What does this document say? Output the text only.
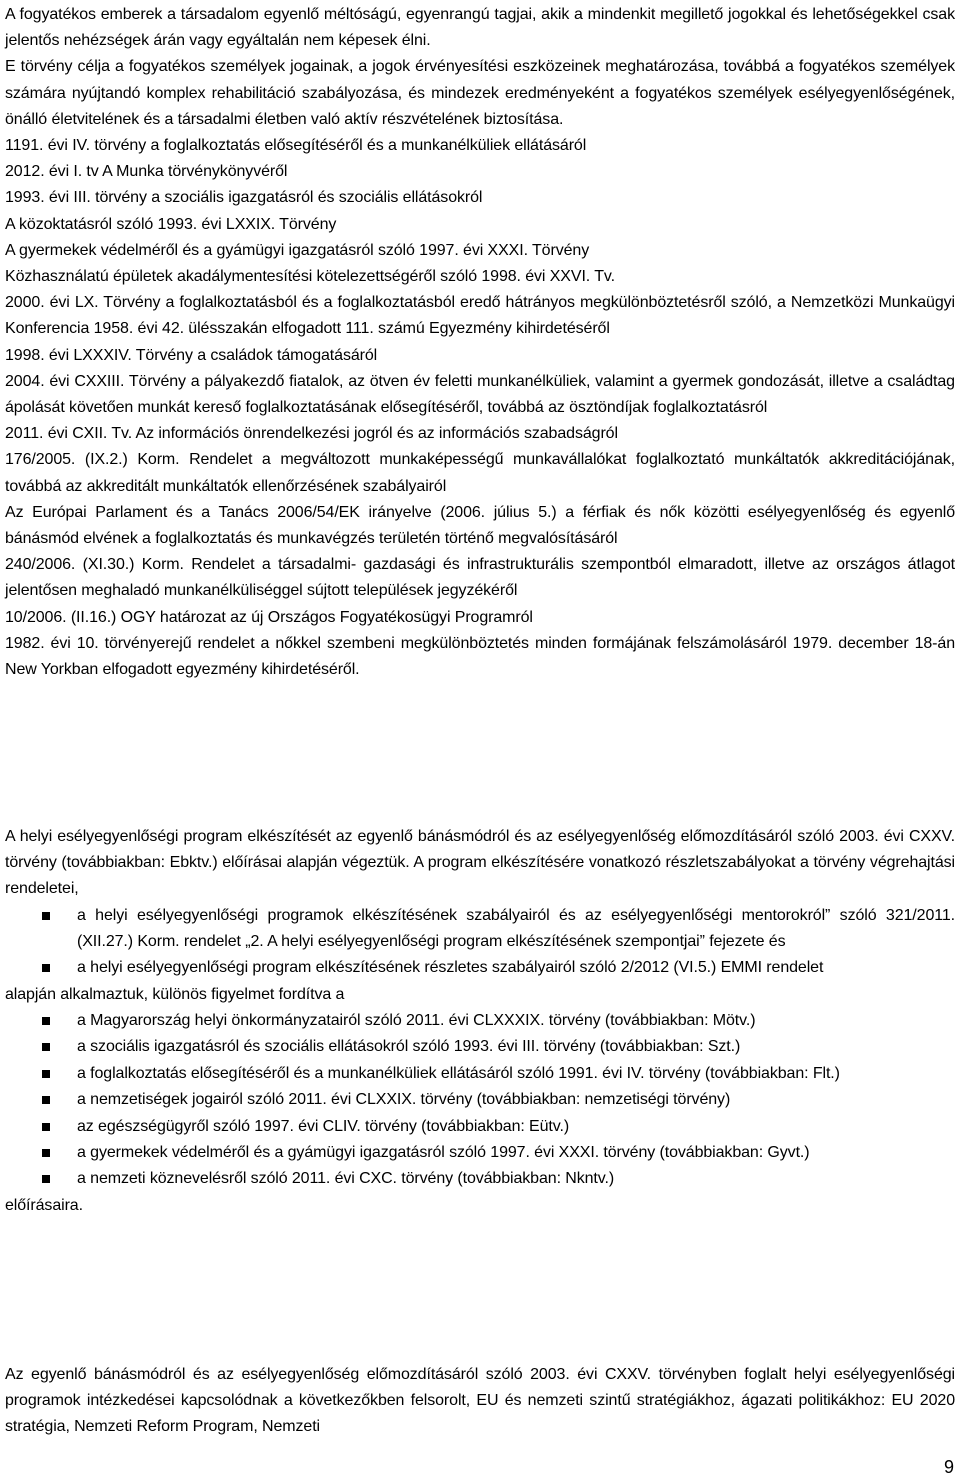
A fogyatékos emberek a társadalom egyenlő méltóságú, egyenrangú tagjai, akik a mindenkit megillető jogokkal és lehetőségekkel csak jelentős nehézségek árán vagy egyáltalán nem képesek élni.

E törvény célja a fogyatékos személyek jogainak, a jogok érvényesítési eszközeinek meghatározása, továbbá a fogyatékos személyek számára nyújtandó komplex rehabilitáció szabályozása, és mindezek eredményeként a fogyatékos személyek esélyegyenlőségének, önálló életvitelének és a társadalmi életben való aktív részvételének biztosítása.

1191. évi IV. törvény a foglalkoztatás elősegítéséről és a munkanélküliek ellátásáról

2012. évi I. tv A Munka törvénykönyvéről

1993. évi III. törvény a szociális igazgatásról és szociális ellátásokról

A közoktatásról szóló 1993. évi LXXIX. Törvény

A gyermekek védelméről és a gyámügyi igazgatásról szóló 1997. évi XXXI. Törvény

Közhasználatú épületek akadálymentesítési kötelezettségéről szóló 1998. évi XXVI. Tv.

2000. évi LX. Törvény a foglalkoztatásból és a foglalkoztatásból eredő hátrányos megkülönböztetésről szóló, a Nemzetközi Munkaügyi Konferencia 1958. évi 42. ülésszakán elfogadott 111. számú Egyezmény kihirdetéséről

1998. évi LXXXIV. Törvény a családok támogatásáról

2004. évi CXXIII. Törvény a pályakezdő fiatalok, az ötven év feletti munkanélküliek, valamint a gyermek gondozását, illetve a családtag ápolását követően munkát kereső foglalkoztatásának elősegítéséről, továbbá az ösztöndíjak foglalkoztatásról

2011. évi CXII. Tv. Az információs önrendelkezési jogról és az információs szabadságról

176/2005. (IX.2.) Korm. Rendelet a megváltozott munkaképességű munkavállalókat foglalkoztató munkáltatók akkreditációjának, továbbá az akkreditált munkáltatók ellenőrzésének szabályairól

Az Európai Parlament és a Tanács 2006/54/EK irányelve (2006. július 5.) a férfiak és nők közötti esélyegyenlőség és egyenlő bánásmód elvének a foglalkoztatás és munkavégzés területén történő megvalósításáról

240/2006. (XI.30.) Korm. Rendelet a társadalmi- gazdasági és infrastrukturális szempontból elmaradott, illetve az országos átlagot jelentősen meghaladó munkanélküliséggel sújtott települések jegyzékéről

10/2006. (II.16.) OGY határozat az új Országos Fogyatékosügyi Programról

1982. évi 10. törvényerejű rendelet a nőkkel szembeni megkülönböztetés minden formájának felszámolásáról 1979. december 18-án New Yorkban elfogadott egyezmény kihirdetéséről.

A helyi esélyegyenlőségi program elkészítését az egyenlő bánásmódról és az esélyegyenlőség előmozdításáról szóló 2003. évi CXXV. törvény (továbbiakban: Ebktv.) előírásai alapján végeztük. A program elkészítésére vonatkozó részletszabályokat a törvény végrehajtási rendeletei,

a helyi esélyegyenlőségi programok elkészítésének szabályairól és az esélyegyenlőségi mentorokról” szóló 321/2011. (XII.27.) Korm. rendelet „2. A helyi esélyegyenlőségi program elkészítésének szempontjai” fejezete és
a helyi esélyegyenlőségi program elkészítésének részletes szabályairól szóló 2/2012 (VI.5.) EMMI rendelet

alapján alkalmaztuk, különös figyelmet fordítva a

a Magyarország helyi önkormányzatairól szóló 2011. évi CLXXXIX. törvény (továbbiakban: Mötv.)
a szociális igazgatásról és szociális ellátásokról szóló 1993. évi III. törvény (továbbiakban: Szt.)
a foglalkoztatás elősegítéséről és a munkanélküliek ellátásáról szóló 1991. évi IV. törvény (továbbiakban: Flt.)
a nemzetiségek jogairól szóló 2011. évi CLXXIX. törvény (továbbiakban: nemzetiségi törvény)
az egészségügyről szóló 1997. évi CLIV. törvény (továbbiakban: Eütv.)
a gyermekek védelméről és a gyámügyi igazgatásról szóló 1997. évi XXXI. törvény (továbbiakban: Gyvt.)
a nemzeti köznevelésről szóló 2011. évi CXC. törvény (továbbiakban: Nkntv.)

előírásaira.

Az egyenlő bánásmódról és az esélyegyenlőség előmozdításáról szóló 2003. évi CXXV. törvényben foglalt helyi esélyegyenlőségi programok intézkedései kapcsolódnak a következőkben felsorolt, EU és nemzeti szintű stratégiákhoz, ágazati politikákhoz: EU 2020 stratégia, Nemzeti Reform Program, Nemzeti

9
